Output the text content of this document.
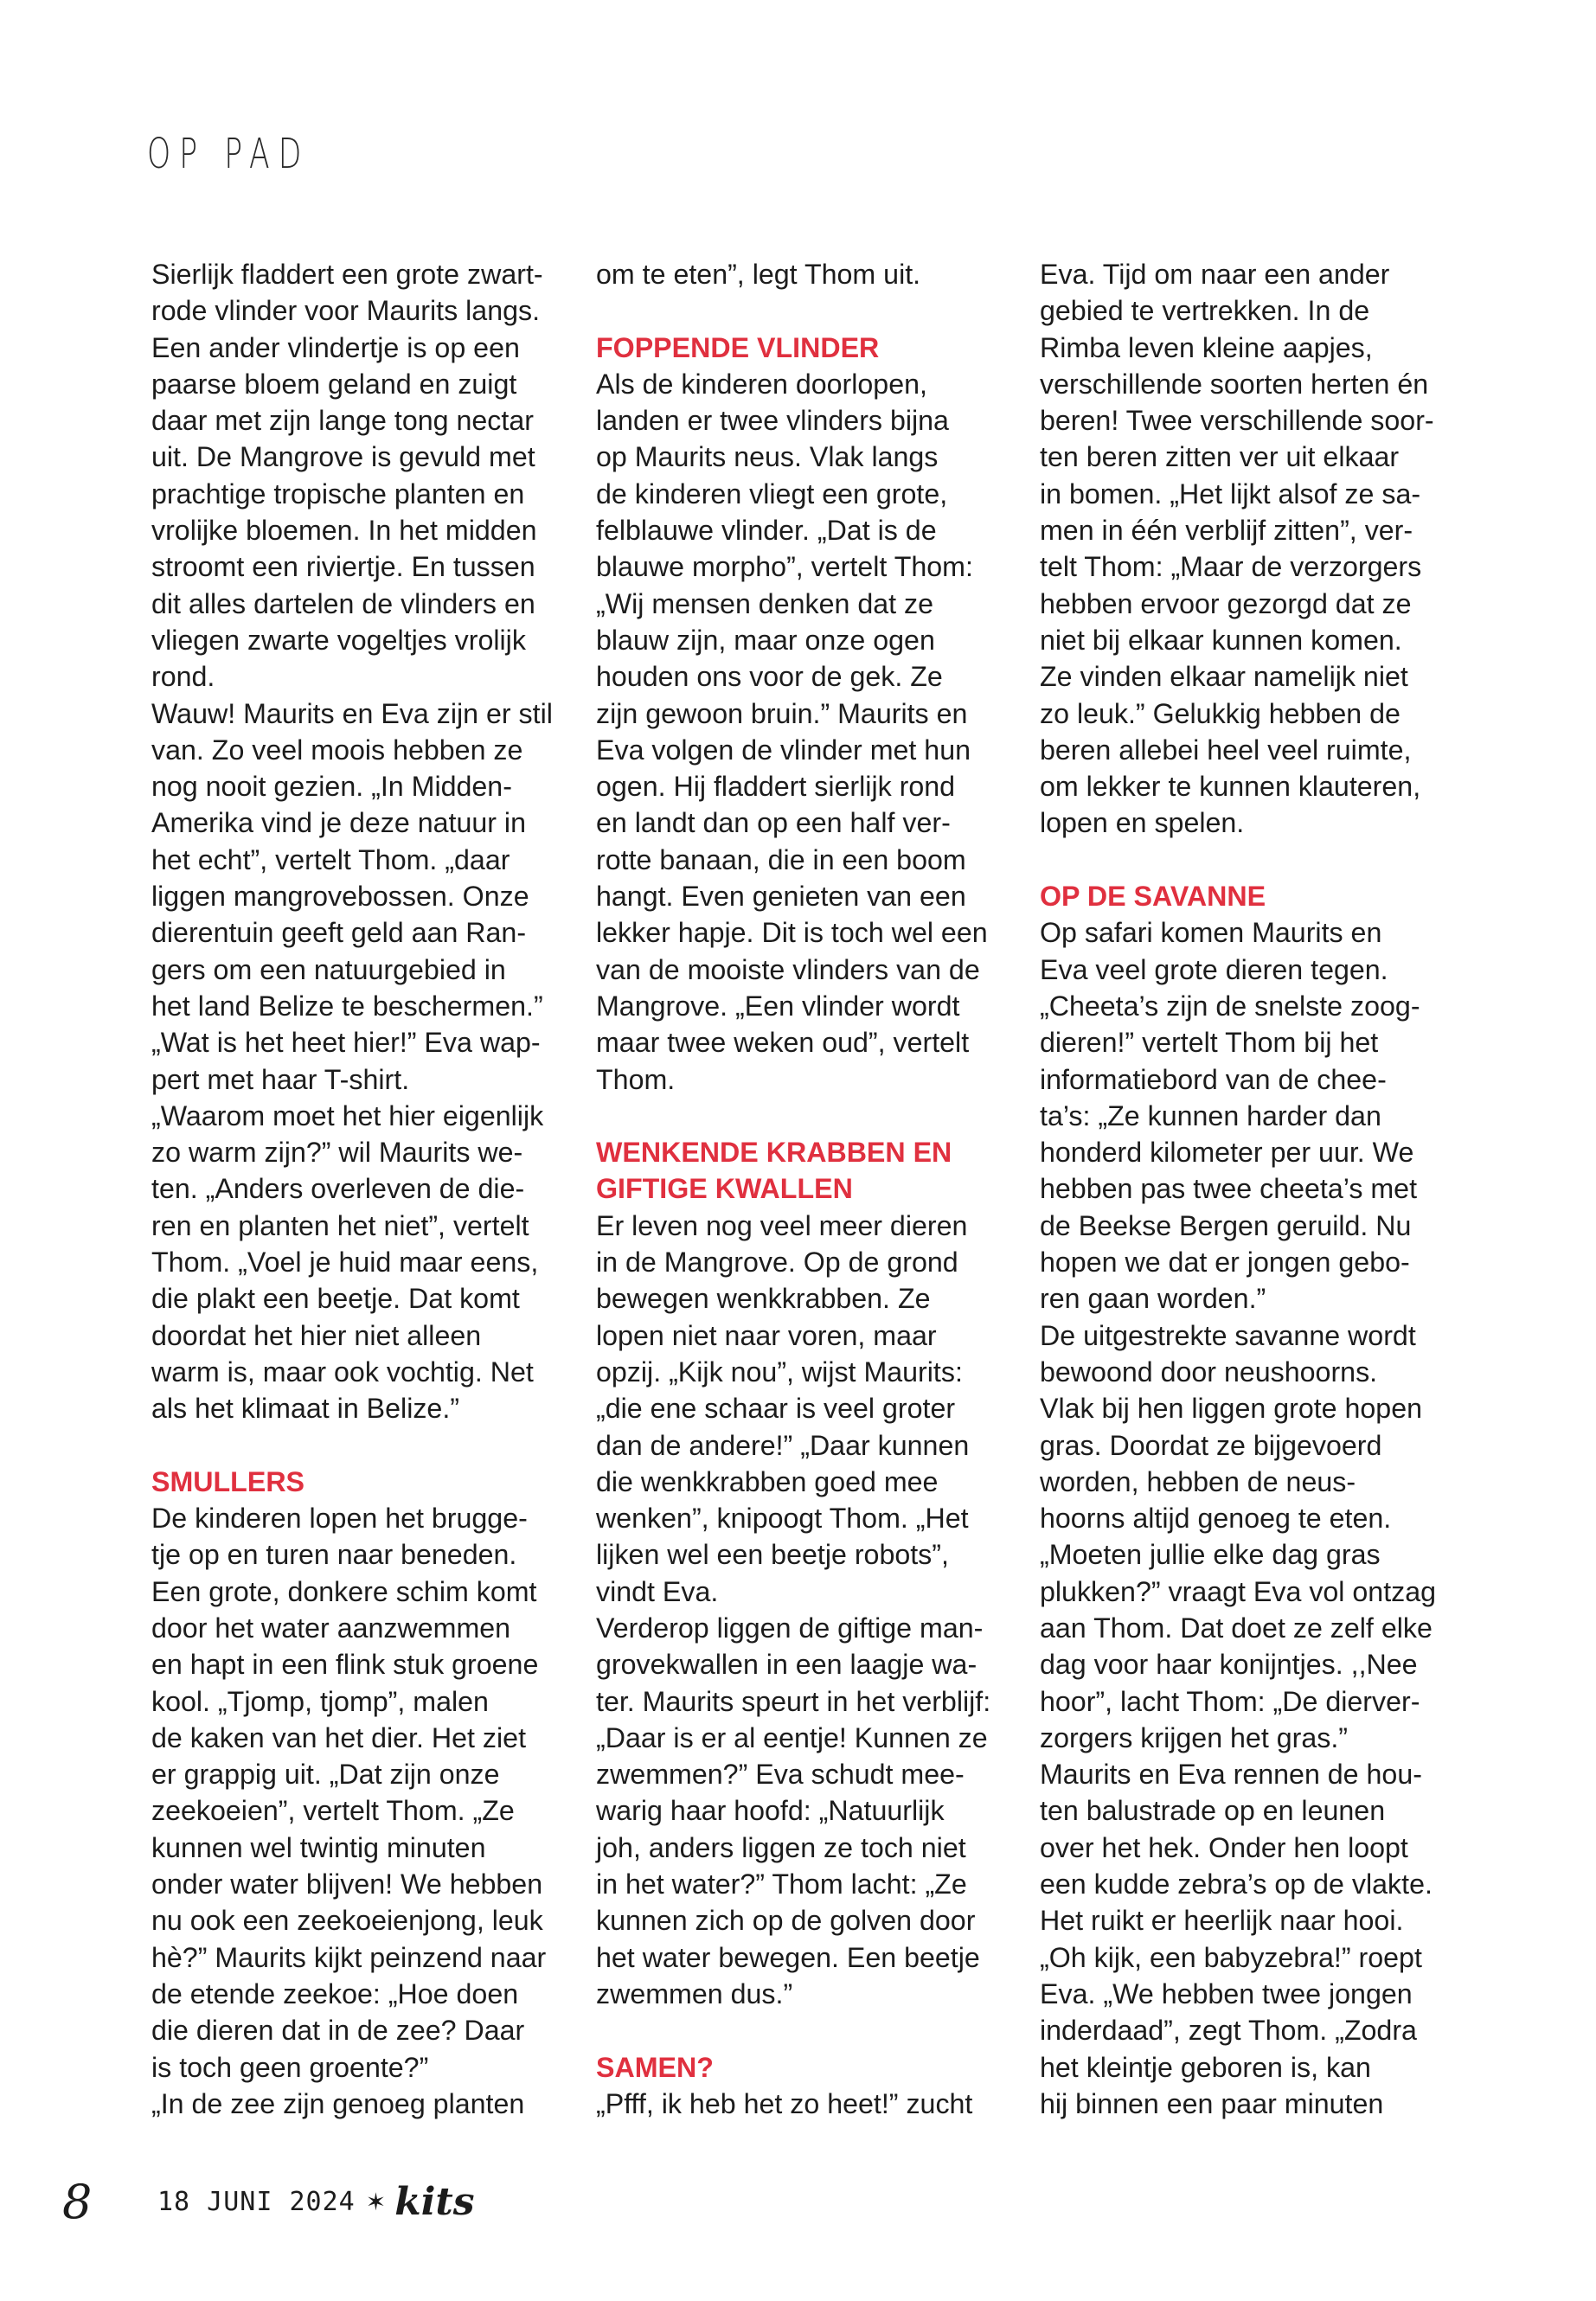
OP PAD

Sierlijk fladdert een grote zwart-

rode vlinder voor Maurits langs.

Een ander vlindertje is op een

paarse bloem geland en zuigt

daar met zijn lange tong nectar

uit. De Mangrove is gevuld met

prachtige tropische planten en

vrolijke bloemen. In het midden

stroomt een riviertje. En tussen

dit alles dartelen de vlinders en

vliegen zwarte vogeltjes vrolijk

rond.

Wauw! Maurits en Eva zijn er stil

van. Zo veel moois hebben ze

nog nooit gezien. „In Midden-

Amerika vind je deze natuur in

het echt”, vertelt Thom. „daar

liggen mangrovebossen. Onze

dierentuin geeft geld aan Ran-

gers om een natuurgebied in

het land Belize te beschermen.”

„Wat is het heet hier!” Eva wap-

pert met haar T-shirt.

„Waarom moet het hier eigenlijk

zo warm zijn?” wil Maurits we-

ten. „Anders overleven de die-

ren en planten het niet”, vertelt

Thom. „Voel je huid maar eens,

die plakt een beetje. Dat komt

doordat het hier niet alleen

warm is, maar ook vochtig. Net

als het klimaat in Belize.”

SMULLERS

De kinderen lopen het brugge-

tje op en turen naar beneden.

Een grote, donkere schim komt

door het water aanzwemmen

en hapt in een flink stuk groene

kool. „Tjomp, tjomp”, malen

de kaken van het dier. Het ziet

er grappig uit. „Dat zijn onze

zeekoeien”, vertelt Thom. „Ze

kunnen wel twintig minuten

onder water blijven! We hebben

nu ook een zeekoeienjong, leuk

hè?” Maurits kijkt peinzend naar

de etende zeekoe: „Hoe doen

die dieren dat in de zee? Daar

is toch geen groente?”

„In de zee zijn genoeg planten

om te eten”, legt Thom uit.

FOPPENDE VLINDER

Als de kinderen doorlopen,

landen er twee vlinders bijna

op Maurits neus. Vlak langs

de kinderen vliegt een grote,

felblauwe vlinder. „Dat is de

blauwe morpho”, vertelt Thom:

„Wij mensen denken dat ze

blauw zijn, maar onze ogen

houden ons voor de gek. Ze

zijn gewoon bruin.” Maurits en

Eva volgen de vlinder met hun

ogen. Hij fladdert sierlijk rond

en landt dan op een half ver-

rotte banaan, die in een boom

hangt. Even genieten van een

lekker hapje. Dit is toch wel een

van de mooiste vlinders van de

Mangrove. „Een vlinder wordt

maar twee weken oud”, vertelt

Thom.

WENKENDE KRABBEN EN

GIFTIGE KWALLEN

Er leven nog veel meer dieren

in de Mangrove. Op de grond

bewegen wenkkrabben. Ze

lopen niet naar voren, maar

opzij. „Kijk nou”, wijst Maurits:

„die ene schaar is veel groter

dan de andere!” „Daar kunnen

die wenkkrabben goed mee

wenken”, knipoogt Thom. „Het

lijken wel een beetje robots”,

vindt Eva.

Verderop liggen de giftige man-

grovekwallen in een laagje wa-

ter. Maurits speurt in het verblijf:

„Daar is er al eentje! Kunnen ze

zwemmen?” Eva schudt mee-

warig haar hoofd: „Natuurlijk

joh, anders liggen ze toch niet

in het water?” Thom lacht: „Ze

kunnen zich op de golven door

het water bewegen. Een beetje

zwemmen dus.”

SAMEN?

„Pfff, ik heb het zo heet!” zucht

Eva. Tijd om naar een ander

gebied te vertrekken. In de

Rimba leven kleine aapjes,

verschillende soorten herten én

beren! Twee verschillende soor-

ten beren zitten ver uit elkaar

in bomen. „Het lijkt alsof ze sa-

men in één verblijf zitten”, ver-

telt Thom: „Maar de verzorgers

hebben ervoor gezorgd dat ze

niet bij elkaar kunnen komen.

Ze vinden elkaar namelijk niet

zo leuk.” Gelukkig hebben de

beren allebei heel veel ruimte,

om lekker te kunnen klauteren,

lopen en spelen.

OP DE SAVANNE

Op safari komen Maurits en

Eva veel grote dieren tegen.

„Cheeta’s zijn de snelste zoog-

dieren!” vertelt Thom bij het

informatiebord van de chee-

ta’s: „Ze kunnen harder dan

honderd kilometer per uur. We

hebben pas twee cheeta’s met

de Beekse Bergen geruild. Nu

hopen we dat er jongen gebo-

ren gaan worden.”

De uitgestrekte savanne wordt

bewoond door neushoorns.

Vlak bij hen liggen grote hopen

gras. Doordat ze bijgevoerd

worden, hebben de neus-

hoorns altijd genoeg te eten.

„Moeten jullie elke dag gras

plukken?” vraagt Eva vol ontzag

aan Thom. Dat doet ze zelf elke

dag voor haar konijntjes. ,,Nee

hoor”, lacht Thom: „De dierver-

zorgers krijgen het gras.”

Maurits en Eva rennen de hou-

ten balustrade op en leunen

over het hek. Onder hen loopt

een kudde zebra’s op de vlakte.

Het ruikt er heerlijk naar hooi.

„Oh kijk, een babyzebra!” roept

Eva. „We hebben twee jongen

inderdaad”, zegt Thom. „Zodra

het kleintje geboren is, kan

hij binnen een paar minuten

8	18 JUNI 2024 ✶ kits
